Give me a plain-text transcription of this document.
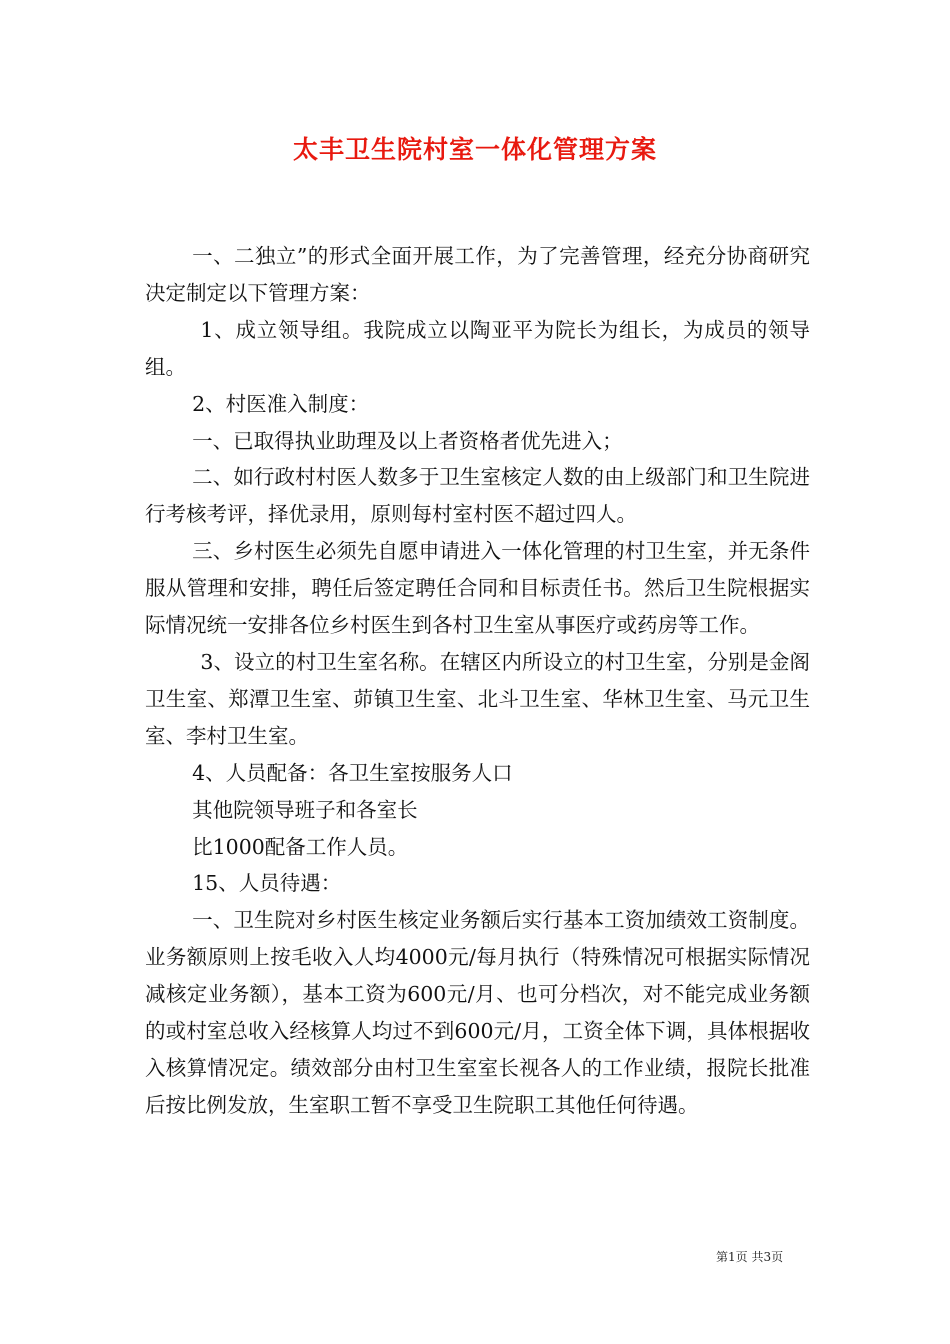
太丰卫生院村室一体化管理方案

一、二独立”的形式全面开展工作，为了完善管理，经充分协商研究决定制定以下管理方案：

1、成立领导组。我院成立以陶亚平为院长为组长，为成员的领导组。

2、村医准入制度：

一、已取得执业助理及以上者资格者优先进入；

二、如行政村村医人数多于卫生室核定人数的由上级部门和卫生院进行考核考评，择优录用，原则每村室村医不超过四人。

三、乡村医生必须先自愿申请进入一体化管理的村卫生室，并无条件服从管理和安排，聘任后签定聘任合同和目标责任书。然后卫生院根据实际情况统一安排各位乡村医生到各村卫生室从事医疗或药房等工作。

3、设立的村卫生室名称。在辖区内所设立的村卫生室，分别是金阁卫生室、郑潭卫生室、茆镇卫生室、北斗卫生室、华林卫生室、马元卫生室、李村卫生室。

4、人员配备：各卫生室按服务人口

其他院领导班子和各室长

比1000配备工作人员。

15、人员待遇：

一、卫生院对乡村医生核定业务额后实行基本工资加绩效工资制度。业务额原则上按毛收入人均4000元/每月执行（特殊情况可根据实际情况减核定业务额），基本工资为600元/月、也可分档次，对不能完成业务额的或村室总收入经核算人均过不到600元/月，工资全体下调，具体根据收入核算情况定。绩效部分由村卫生室室长视各人的工作业绩，报院长批准后按比例发放，生室职工暂不享受卫生院职工其他任何待遇。

第1页 共3页
